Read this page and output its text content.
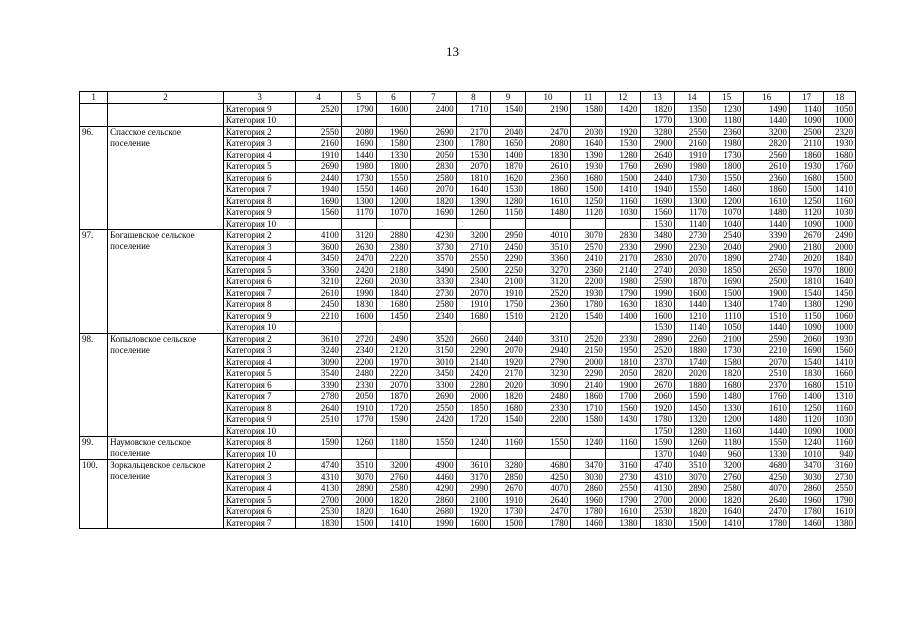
13
1	2	3	4	5	6	7	8	9	10	11	12	13	14	15	16	17	18
		Категория 9	2520	1790	1600	2400	1710	1540	2190	1580	1420	1820	1350	1230	1490	1140	1050
		Категория 10										1770	1300	1180	1440	1090	1000
96.	Спасское сельское поселение	Категория 2	2550	2080	1960	2690	2170	2040	2470	2030	1920	3280	2550	2360	3200	2500	2320
		Категория 3	2160	1690	1580	2300	1780	1650	2080	1640	1530	2900	2160	1980	2820	2110	1930
		Категория 4	1910	1440	1330	2050	1530	1400	1830	1390	1280	2640	1910	1730	2560	1860	1680
		Категория 5	2690	1980	1800	2830	2070	1870	2610	1930	1760	2690	1980	1800	2610	1930	1760
		Категория 6	2440	1730	1550	2580	1810	1620	2360	1680	1500	2440	1730	1550	2360	1680	1500
		Категория 7	1940	1550	1460	2070	1640	1530	1860	1500	1410	1940	1550	1460	1860	1500	1410
		Категория 8	1690	1300	1200	1820	1390	1280	1610	1250	1160	1690	1300	1200	1610	1250	1160
		Категория 9	1560	1170	1070	1690	1260	1150	1480	1120	1030	1560	1170	1070	1480	1120	1030
		Категория 10										1530	1140	1040	1440	1090	1000
97.	Богашевское сельское поселение	Категория 2	4100	3120	2880	4230	3200	2950	4010	3070	2830	3480	2730	2540	3390	2670	2490
		Категория 3	3600	2630	2380	3730	2710	2450	3510	2570	2330	2990	2230	2040	2900	2180	2000
		Категория 4	3450	2470	2220	3570	2550	2290	3360	2410	2170	2830	2070	1890	2740	2020	1840
		Категория 5	3360	2420	2180	3490	2500	2250	3270	2360	2140	2740	2030	1850	2650	1970	1800
		Категория 6	3210	2260	2030	3330	2340	2100	3120	2200	1980	2590	1870	1690	2500	1810	1640
		Категория 7	2610	1990	1840	2730	2070	1910	2520	1930	1790	1990	1600	1500	1900	1540	1450
		Категория 8	2450	1830	1680	2580	1910	1750	2360	1780	1630	1830	1440	1340	1740	1380	1290
		Категория 9	2210	1600	1450	2340	1680	1510	2120	1540	1400	1600	1210	1110	1510	1150	1060
		Категория 10										1530	1140	1050	1440	1090	1000
98.	Копыловское сельское поселение	Категория 2	3610	2720	2490	3520	2660	2440	3310	2520	2330	2890	2260	2100	2590	2060	1930
		Категория 3	3240	2340	2120	3150	2290	2070	2940	2150	1950	2520	1880	1730	2210	1690	1560
		Категория 4	3090	2200	1970	3010	2140	1920	2790	2000	1810	2370	1740	1580	2070	1540	1410
		Категория 5	3540	2480	2220	3450	2420	2170	3230	2290	2050	2820	2020	1820	2510	1830	1660
		Категория 6	3390	2330	2070	3300	2280	2020	3090	2140	1900	2670	1880	1680	2370	1680	1510
		Категория 7	2780	2050	1870	2690	2000	1820	2480	1860	1700	2060	1590	1480	1760	1400	1310
		Категория 8	2640	1910	1720	2550	1850	1680	2330	1710	1560	1920	1450	1330	1610	1250	1160
		Категория 9	2510	1770	1590	2420	1720	1540	2200	1580	1430	1780	1320	1200	1480	1120	1030
		Категория 10										1750	1280	1160	1440	1090	1000
99.	Наумовское сельское поселение	Категория 8	1590	1260	1180	1550	1240	1160	1550	1240	1160	1590	1260	1180	1550	1240	1160
		Категория 10										1370	1040	960	1330	1010	940
100.	Зоркальцевское сельское поселение	Категория 2	4740	3510	3200	4900	3610	3280	4680	3470	3160	4740	3510	3200	4680	3470	3160
		Категория 3	4310	3070	2760	4460	3170	2850	4250	3030	2730	4310	3070	2760	4250	3030	2730
		Категория 4	4130	2890	2580	4290	2990	2670	4070	2860	2550	4130	2890	2580	4070	2860	2550
		Категория 5	2700	2000	1820	2860	2100	1910	2640	1960	1790	2700	2000	1820	2640	1960	1790
		Категория 6	2530	1820	1640	2680	1920	1730	2470	1780	1610	2530	1820	1640	2470	1780	1610
		Категория 7	1830	1500	1410	1990	1600	1500	1780	1460	1380	1830	1500	1410	1780	1460	1380
